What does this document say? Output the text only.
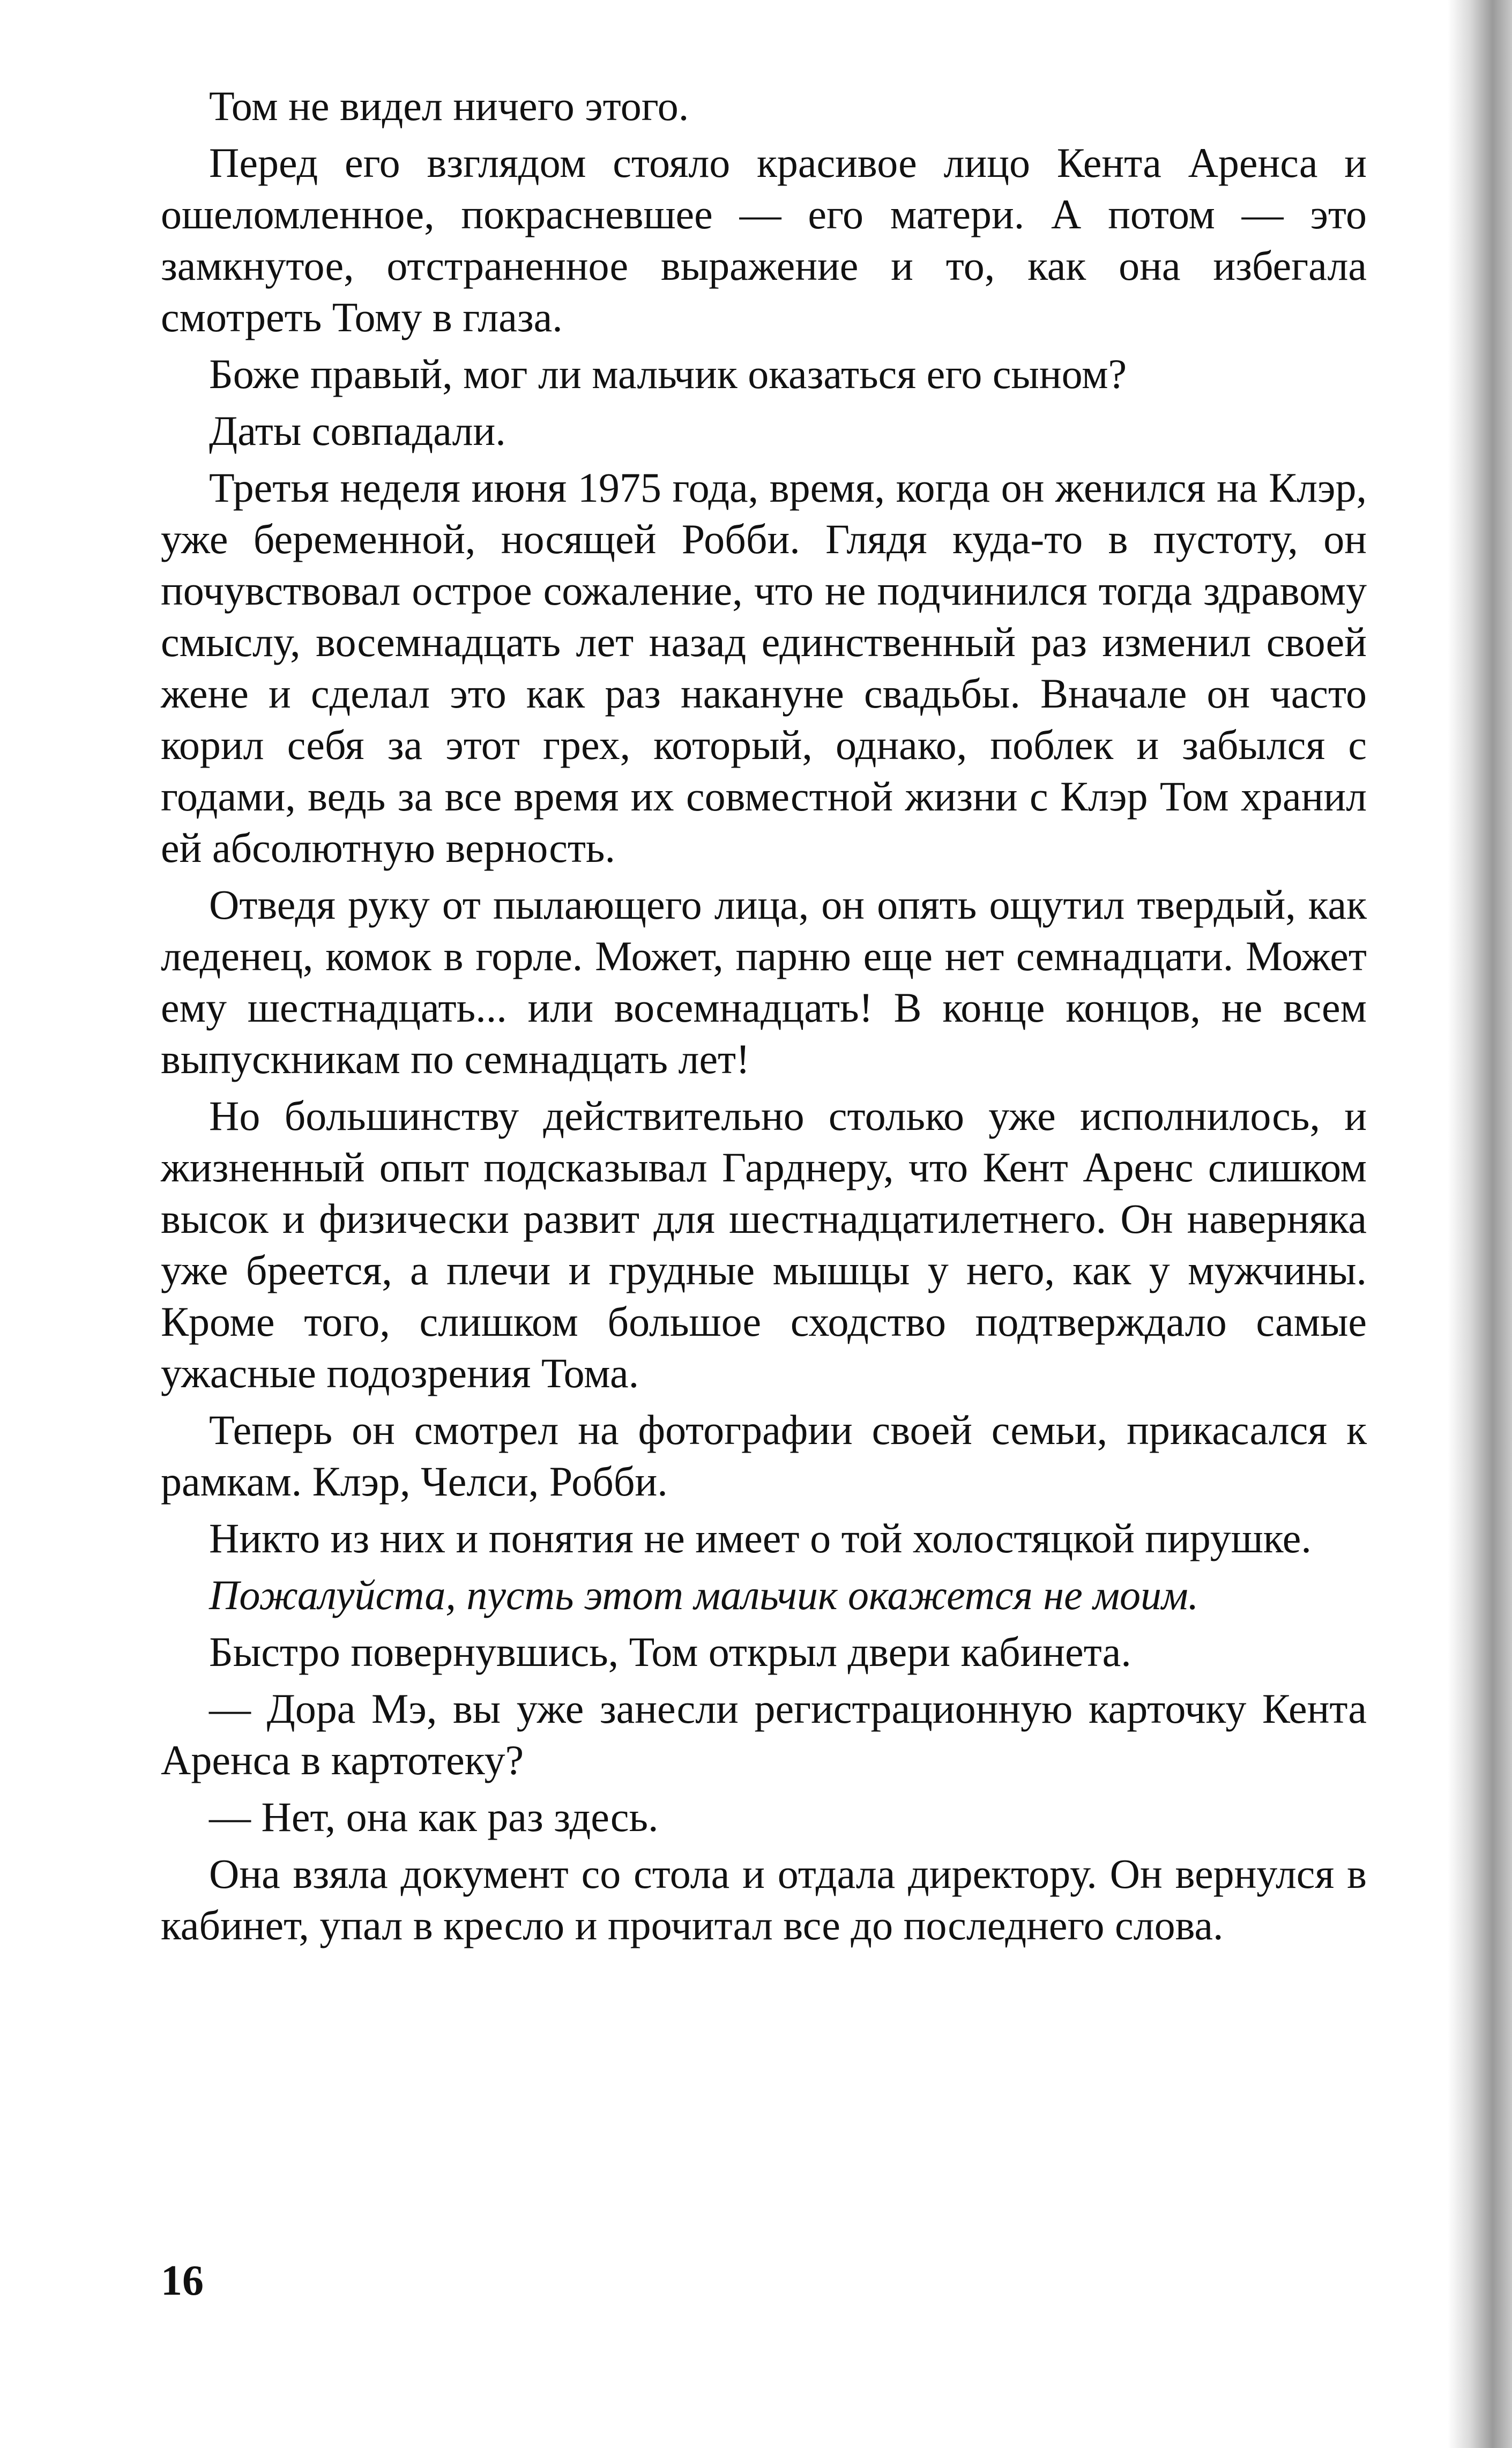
Том не видел ничего этого.

Перед его взглядом стояло красивое лицо Кента Аренса и ошеломленное, покрасневшее — его матери. А потом — это замкнутое, отстраненное выражение и то, как она избегала смотреть Тому в глаза.

Боже правый, мог ли мальчик оказаться его сыном?

Даты совпадали.

Третья неделя июня 1975 года, время, когда он женился на Клэр, уже беременной, носящей Робби. Глядя куда-то в пустоту, он почувствовал острое сожаление, что не подчинился тогда здравому смыслу, восемнадцать лет назад единственный раз изменил своей жене и сделал это как раз накануне свадьбы. Вначале он часто корил себя за этот грех, который, однако, поблек и забылся с годами, ведь за все время их совместной жизни с Клэр Том хранил ей абсолютную верность.

Отведя руку от пылающего лица, он опять ощутил твердый, как леденец, комок в горле. Может, парню еще нет семнадцати. Может ему шестнадцать... или восемнадцать! В конце концов, не всем выпускникам по семнадцать лет!

Но большинству действительно столько уже исполнилось, и жизненный опыт подсказывал Гарднеру, что Кент Аренс слишком высок и физически развит для шестнадцатилетнего. Он наверняка уже бреется, а плечи и грудные мышцы у него, как у мужчины. Кроме того, слишком большое сходство подтверждало самые ужасные подозрения Тома.

Теперь он смотрел на фотографии своей семьи, прикасался к рамкам. Клэр, Челси, Робби.

Никто из них и понятия не имеет о той холостяцкой пирушке.

Пожалуйста, пусть этот мальчик окажется не моим.

Быстро повернувшись, Том открыл двери кабинета.

— Дора Мэ, вы уже занесли регистрационную карточку Кента Аренса в картотеку?

— Нет, она как раз здесь.

Она взяла документ со стола и отдала директору. Он вернулся в кабинет, упал в кресло и прочитал все до последнего слова.

16
